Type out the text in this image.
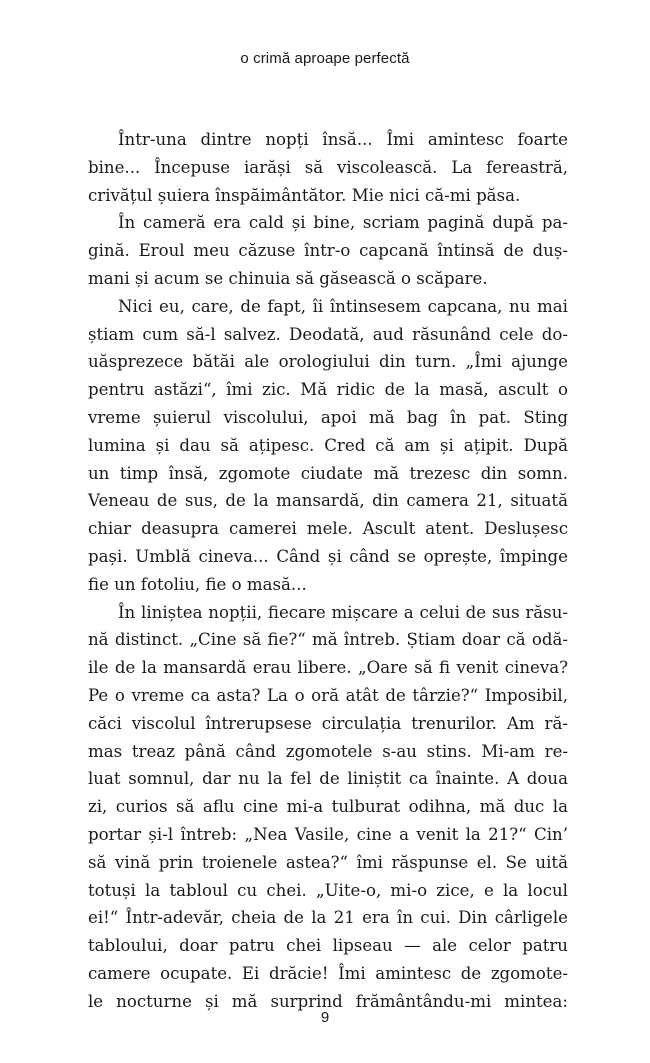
o crimă aproape perfectă
Într-una dintre nopți însă... Îmi amintesc foarte
bine... Începuse iarăși să viscolească. La fereastră,
crivățul șuiera înspăimântător. Mie nici că-mi păsa.
În cameră era cald și bine, scriam pagină după pa-
gină. Eroul meu căzuse într-o capcană întinsă de duș-
mani și acum se chinuia să găsească o scăpare.
Nici eu, care, de fapt, îi întinsesem capcana, nu mai
știam cum să-l salvez. Deodată, aud răsunând cele do-
uăsprezece bătăi ale orologiului din turn. „Îmi ajunge
pentru astăzi“, îmi zic. Mă ridic de la masă, ascult o
vreme șuierul viscolului, apoi mă bag în pat. Sting
lumina și dau să ațipesc. Cred că am și ațipit. După
un timp însă, zgomote ciudate mă trezesc din somn.
Veneau de sus, de la mansardă, din camera 21, situată
chiar deasupra camerei mele. Ascult atent. Deslușesc
pași. Umblă cineva... Când și când se oprește, împinge
fie un fotoliu, fie o masă...
În liniștea nopții, fiecare mișcare a celui de sus răsu-
nă distinct. „Cine să fie?“ mă întreb. Știam doar că odă-
ile de la mansardă erau libere. „Oare să fi venit cineva?
Pe o vreme ca asta? La o oră atât de târzie?“ Imposibil,
căci viscolul întrerupsese circulația trenurilor. Am ră-
mas treaz până când zgomotele s-au stins. Mi-am re-
luat somnul, dar nu la fel de liniștit ca înainte. A doua
zi, curios să aflu cine mi-a tulburat odihna, mă duc la
portar și-l întreb: „Nea Vasile, cine a venit la 21?“ Cin’
să vină prin troienele astea?“ îmi răspunse el. Se uită
totuși la tabloul cu chei. „Uite-o, mi-o zice, e la locul
ei!“ Într-adevăr, cheia de la 21 era în cui. Din cârligele
tabloului, doar patru chei lipseau — ale celor patru
camere ocupate. Ei drăcie! Îmi amintesc de zgomote-
le nocturne și mă surprind frământându-mi mintea:
9
